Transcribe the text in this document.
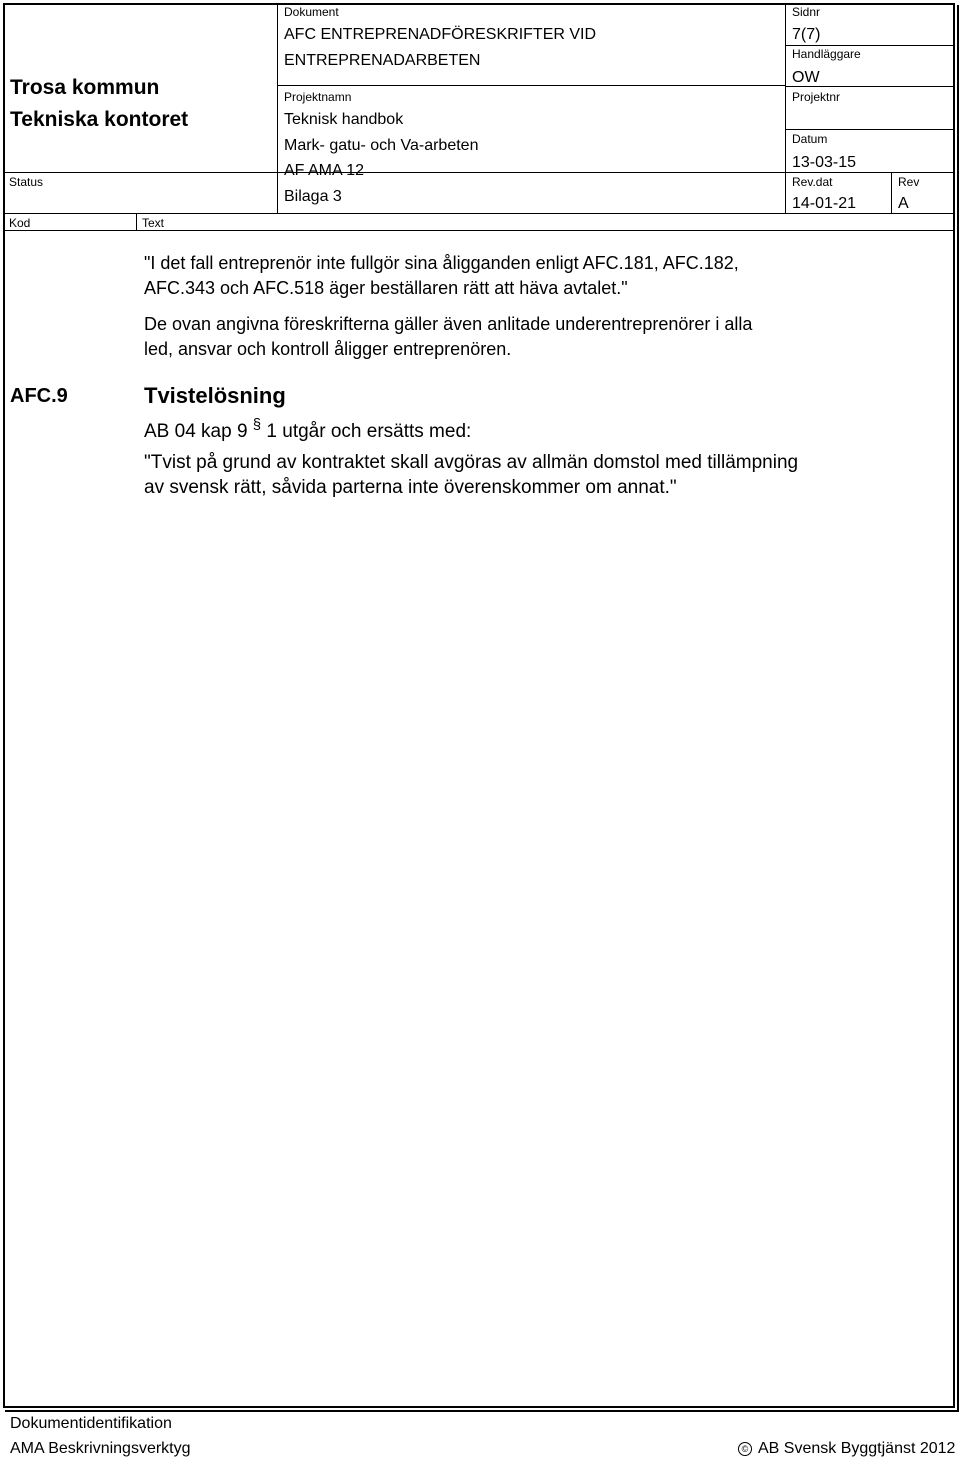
Trosa kommun
Tekniska kontoret
Status
Dokument
AFC ENTREPRENADFÖRESKRIFTER VID
ENTREPRENADARBETEN
Projektnamn
Teknisk handbok
Mark- gatu- och Va-arbeten
AF AMA 12
Bilaga 3
Sidnr
7(7)
Handläggare
OW
Projektnr
Datum
13-03-15
Rev.dat
14-01-21
Rev
A
Kod	Text
"I det fall entreprenör inte fullgör sina åligganden enligt AFC.181, AFC.182,
AFC.343 och AFC.518 äger beställaren rätt att häva avtalet."
De ovan angivna föreskrifterna gäller även anlitade underentreprenörer i alla
led, ansvar och kontroll åligger entreprenören.
AFC.9	Tvistelösning
AB 04 kap 9 § 1 utgår och ersätts med:
"Tvist på grund av kontraktet skall avgöras av allmän domstol med tillämpning
av svensk rätt, såvida parterna inte överenskommer om annat."
Dokumentidentifikation
AMA Beskrivningsverktyg	© AB Svensk Byggtjänst 2012
